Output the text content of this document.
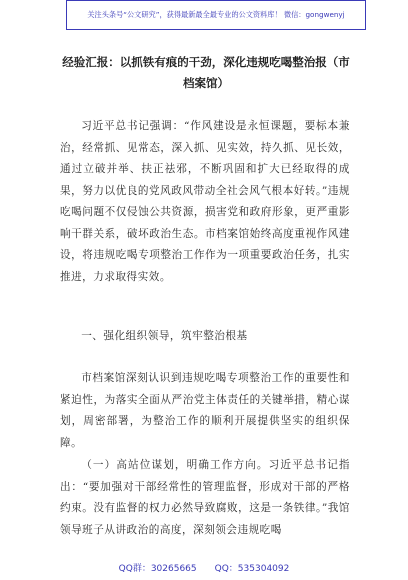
关注头条号“公文研究”，获得最新最全最专业的公文资料库！ 微信：gongwenyj
经验汇报：以抓铁有痕的干劲，深化违规吃喝整治报（市档案馆）

习近平总书记强调：“作风建设是永恒课题，要标本兼治，经常抓、见常态，深入抓、见实效，持久抓、见长效，通过立破并举、扶正祛邪，不断巩固和扩大已经取得的成果，努力以优良的党风政风带动全社会风气根本好转。”违规吃喝问题不仅侵蚀公共资源，损害党和政府形象，更严重影响干群关系，破坏政治生态。市档案馆始终高度重视作风建设，将违规吃喝专项整治工作作为一项重要政治任务，扎实推进，力求取得实效。

一、强化组织领导，筑牢整治根基

市档案馆深刻认识到违规吃喝专项整治工作的重要性和紧迫性，为落实全面从严治党主体责任的关键举措，精心谋划，周密部署，为整治工作的顺利开展提供坚实的组织保障。

（一）高站位谋划，明确工作方向。习近平总书记指出：“要加强对干部经常性的管理监督，形成对干部的严格约束。没有监督的权力必然导致腐败，这是一条铁律。”我馆领导班子从讲政治的高度，深刻领会违规吃喝

QQ群：30265665 QQ：535304092
